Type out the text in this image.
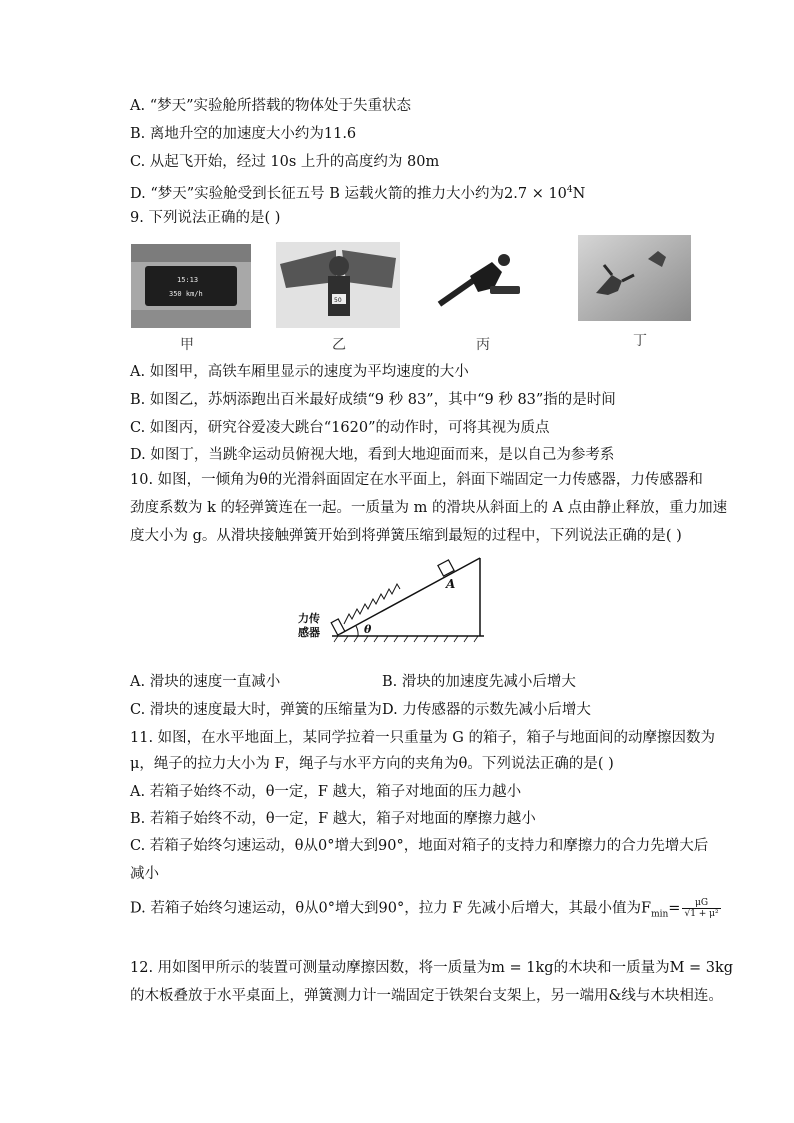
A. “梦天”实验舱所搭载的物体处于失重状态
B. 离地升空的加速度大小约为11.6
C. 从起飞开始，经过 10s 上升的高度约为 80m
D. “梦天”实验舱受到长征五号 B 运载火箭的推力大小约为$2.7 \times 10^4N$
9. 下列说法正确的是( )
15:13
350 km/h
50
甲	乙	丙	丁
A. 如图甲，高铁车厢里显示的速度为平均速度的大小
B. 如图乙，苏炳添跑出百米最好成绩“9 秒 83”，其中“9 秒 83”指的是时间
C. 如图丙，研究谷爱凌大跳台“1620”的动作时，可将其视为质点
D. 如图丁，当跳伞运动员俯视大地，看到大地迎面而来，是以自己为参考系
10. 如图，一倾角为θ的光滑斜面固定在水平面上，斜面下端固定一力传感器，力传感器和
劲度系数为 k 的轻弹簧连在一起。一质量为 m 的滑块从斜面上的 A 点由静止释放，重力加速
度大小为 g。从滑块接触弹簧开始到将弹簧压缩到最短的过程中，下列说法正确的是( )
A
θ
力传
感器
A. 滑块的速度一直减小	B. 滑块的加速度先减小后增大
C. 滑块的速度最大时，弹簧的压缩量为 D. 力传感器的示数先减小后增大
11. 如图，在水平地面上，某同学拉着一只重量为 G 的箱子，箱子与地面间的动摩擦因数为
μ，绳子的拉力大小为 F，绳子与水平方向的夹角为θ。下列说法正确的是( )
A. 若箱子始终不动，θ一定，F 越大，箱子对地面的压力越小
B. 若箱子始终不动，θ一定，F 越大，箱子对地面的摩擦力越小
C. 若箱子始终匀速运动，θ从0°增大到90°，地面对箱子的支持力和摩擦力的合力先增大后
减小
D. 若箱子始终匀速运动，θ从0°增大到90°，拉力 F 先减小后增大，其最小值为$F_{min}= \frac{\mu G}{\text{√1 + μ²}}$
12. 用如图甲所示的装置可测量动摩擦因数，将一质量为m = 1kg的木块和一质量为M = 3kg
的木板叠放于水平桌面上，弹簧测力计一端固定于铁架台支架上，另一端用&线与木块相连。
